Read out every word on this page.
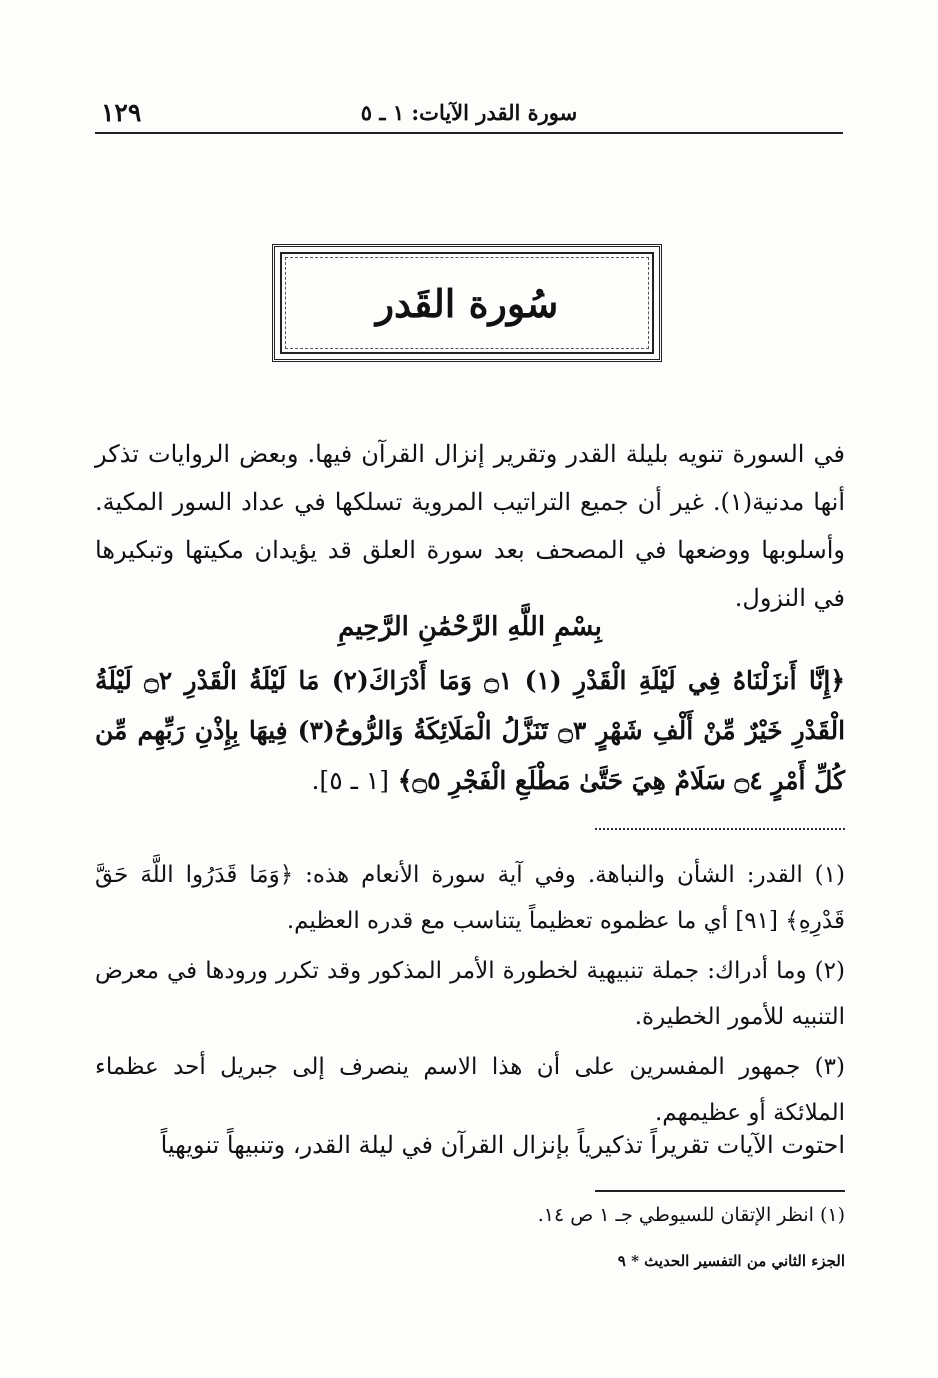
سورة القدر الآيات: ١ ـ ٥
١٢٩
سُورة القَدر
في السورة تنويه بليلة القدر وتقرير إنزال القرآن فيها. وبعض الروايات تذكر أنها مدنية(١). غير أن جميع التراتيب المروية تسلكها في عداد السور المكية. وأسلوبها ووضعها في المصحف بعد سورة العلق قد يؤيدان مكيتها وتبكيرها في النزول.
بِسْمِ اللَّهِ الرَّحْمَٰنِ الرَّحِيمِ
﴿إِنَّا أَنزَلْنَاهُ فِي لَيْلَةِ الْقَدْرِ (١) ۝١ وَمَا أَدْرَاكَ(٢) مَا لَيْلَةُ الْقَدْرِ ۝٢ لَيْلَةُ الْقَدْرِ خَيْرٌ مِّنْ أَلْفِ شَهْرٍ ۝٣ تَنَزَّلُ الْمَلَائِكَةُ وَالرُّوحُ(٣) فِيهَا بِإِذْنِ رَبِّهِم مِّن كُلِّ أَمْرٍ ۝٤ سَلَامٌ هِيَ حَتَّىٰ مَطْلَعِ الْفَجْرِ ۝٥﴾ [١ ـ ٥].

(١) القدر: الشأن والنباهة. وفي آية سورة الأنعام هذه: ﴿وَمَا قَدَرُوا اللَّهَ حَقَّ قَدْرِهِ﴾ [٩١] أي ما عظموه تعظيماً يتناسب مع قدره العظيم.

(٢) وما أدراك: جملة تنبيهية لخطورة الأمر المذكور وقد تكرر ورودها في معرض التنبيه للأمور الخطيرة.

(٣) جمهور المفسرين على أن هذا الاسم ينصرف إلى جبريل أحد عظماء الملائكة أو عظيمهم.

احتوت الآيات تقريراً تذكيرياً بإنزال القرآن في ليلة القدر، وتنبيهاً تنويهياً
(١) انظر الإتقان للسيوطي جـ ١ ص ١٤.
الجزء الثاني من التفسير الحديث * ٩
